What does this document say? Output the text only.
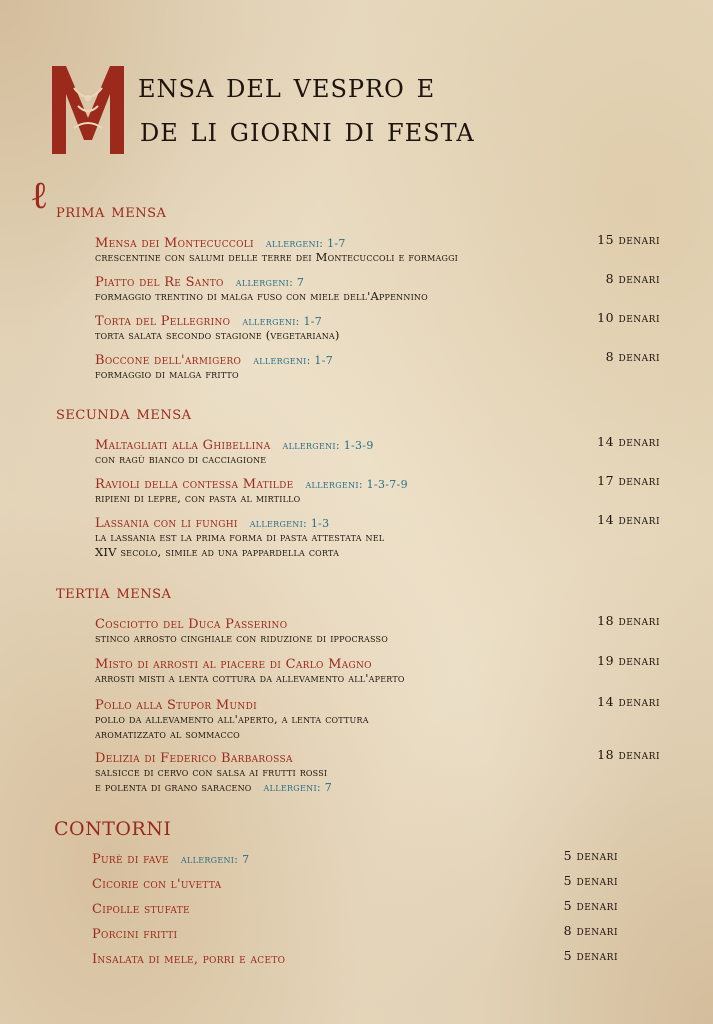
ensa del vespro e
de li giorni di festa
ℓ prima mensa
Mensa dei Montecuccoli allergeni: 1-7	15 denari
crescentine con salumi delle terre dei Montecuccoli e formaggi
Piatto del Re Santo allergeni: 7	8 denari
formaggio trentino di malga fuso con miele dell'Appennino
Torta del Pellegrino allergeni: 1-7	10 denari
torta salata secondo stagione (vegetariana)
Boccone dell'armigero allergeni: 1-7	8 denari
formaggio di malga fritto
secunda mensa
Maltagliati alla Ghibellina allergeni: 1-3-9	14 denari
con ragù bianco di cacciagione
Ravioli della contessa Matilde allergeni: 1-3-7-9	17 denari
ripieni di lepre, con pasta al mirtillo
Lassania con li funghi allergeni: 1-3	14 denari
la lassania est la prima forma di pasta attestata nel
XIV secolo, simile ad una pappardella corta
tertia mensa
Cosciotto del Duca Passerino	18 denari
stinco arrosto cinghiale con riduzione di ippocrasso
Misto di arrosti al piacere di Carlo Magno	19 denari
arrosti misti a lenta cottura da allevamento all'aperto
Pollo alla Stupor Mundi	14 denari
pollo da allevamento all'aperto, a lenta cottura
aromatizzato al sommacco
Delizia di Federico Barbarossa	18 denari
salsicce di cervo con salsa ai frutti rossi
e polenta di grano saraceno allergeni: 7
CONTORNI
Purè di fave allergeni: 7	5 denari
Cicorie con l'uvetta	5 denari
Cipolle stufate	5 denari
Porcini fritti	8 denari
Insalata di mele, porri e aceto	5 denari
